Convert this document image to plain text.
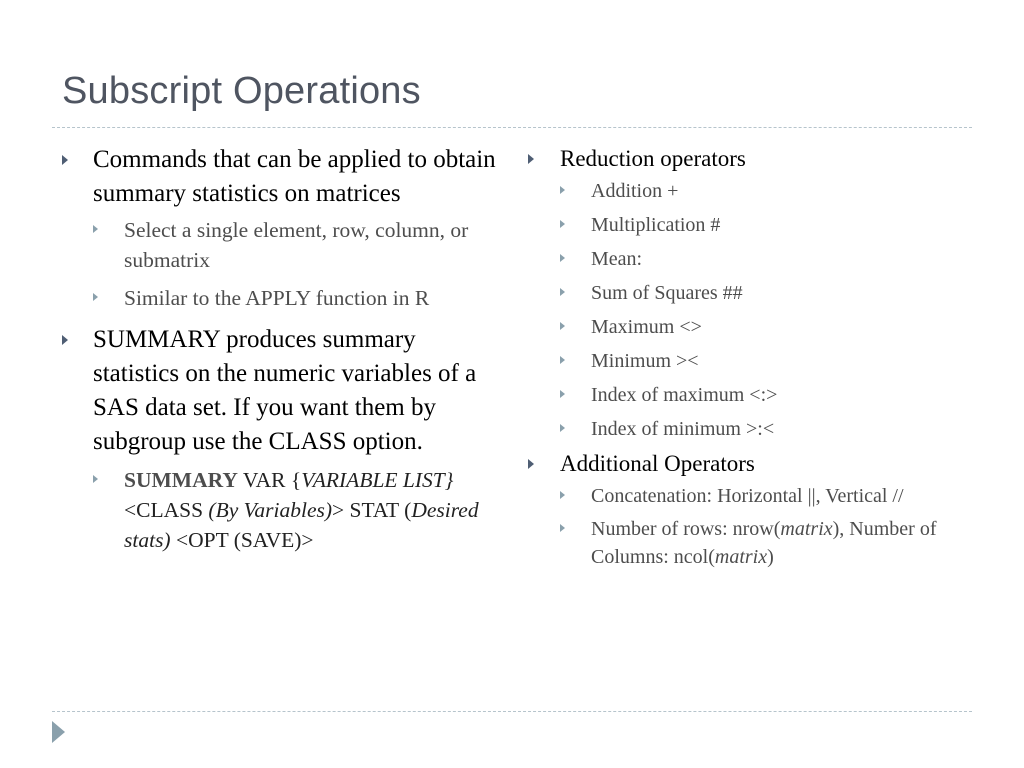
Subscript Operations
Commands that can be applied to obtain summary statistics on matrices
Select a single element, row, column, or submatrix
Similar to the APPLY function in R
SUMMARY produces summary statistics on the numeric variables of a SAS data set. If you want them by subgroup use the CLASS option.
SUMMARY VAR {VARIABLE LIST} <CLASS (By Variables)> STAT (Desired stats) <OPT (SAVE)>
Reduction operators
Addition +
Multiplication #
Mean:
Sum of Squares ##
Maximum <>
Minimum ><
Index of maximum <:>
Index of minimum >:<
Additional Operators
Concatenation: Horizontal ||, Vertical //
Number of rows: nrow(matrix), Number of Columns: ncol(matrix)
